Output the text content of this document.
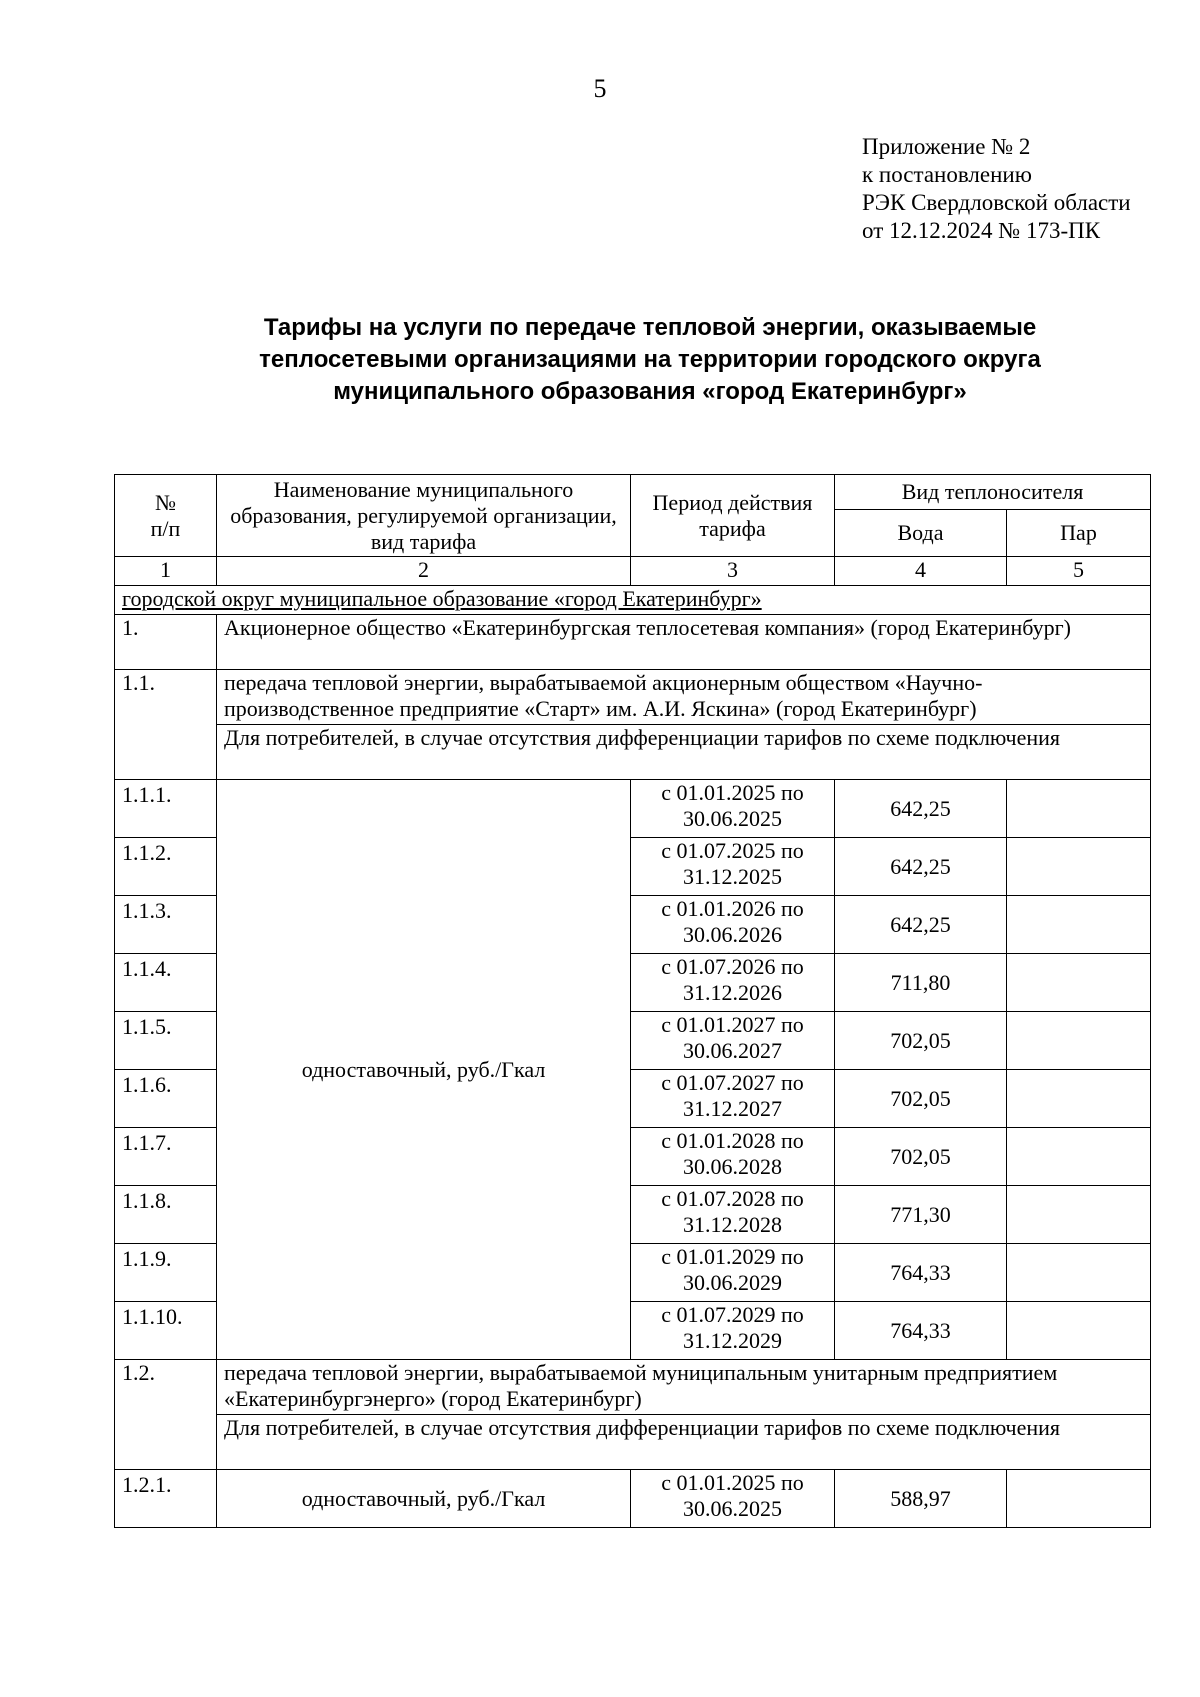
5
Приложение № 2
к постановлению
РЭК Свердловской области
от 12.12.2024 № 173-ПК
Тарифы на услуги по передаче тепловой энергии, оказываемые
теплосетевыми организациями на территории городского округа
муниципального образования «город Екатеринбург»
№
п/п	Наименование муниципального образования, регулируемой организации, вид тарифа	Период действия тарифа	Вид теплоносителя	
			Вода	Пар
1	2	3	4	5
городской округ муниципальное образование «город Екатеринбург»				
1.	Акционерное общество «Екатеринбургская теплосетевая компания» (город Екатеринбург)			
1.1.	передача тепловой энергии, вырабатываемой акционерным обществом «Научно-производственное предприятие «Старт» им. А.И. Яскина» (город Екатеринбург)			
	Для потребителей, в случае отсутствия дифференциации тарифов по схеме подключения			
1.1.1.	одноставочный, руб./Гкал	с 01.01.2025 по
30.06.2025	642,25	
1.1.2.		с 01.07.2025 по
31.12.2025	642,25	
1.1.3.		с 01.01.2026 по
30.06.2026	642,25	
1.1.4.		с 01.07.2026 по
31.12.2026	711,80	
1.1.5.		с 01.01.2027 по
30.06.2027	702,05	
1.1.6.		с 01.07.2027 по
31.12.2027	702,05	
1.1.7.		с 01.01.2028 по
30.06.2028	702,05	
1.1.8.		с 01.07.2028 по
31.12.2028	771,30	
1.1.9.		с 01.01.2029 по
30.06.2029	764,33	
1.1.10.		с 01.07.2029 по
31.12.2029	764,33	
1.2.	передача тепловой энергии, вырабатываемой муниципальным унитарным предприятием «Екатеринбургэнерго» (город Екатеринбург)			
	Для потребителей, в случае отсутствия дифференциации тарифов по схеме подключения			
1.2.1.	одноставочный, руб./Гкал	с 01.01.2025 по
30.06.2025	588,97	
